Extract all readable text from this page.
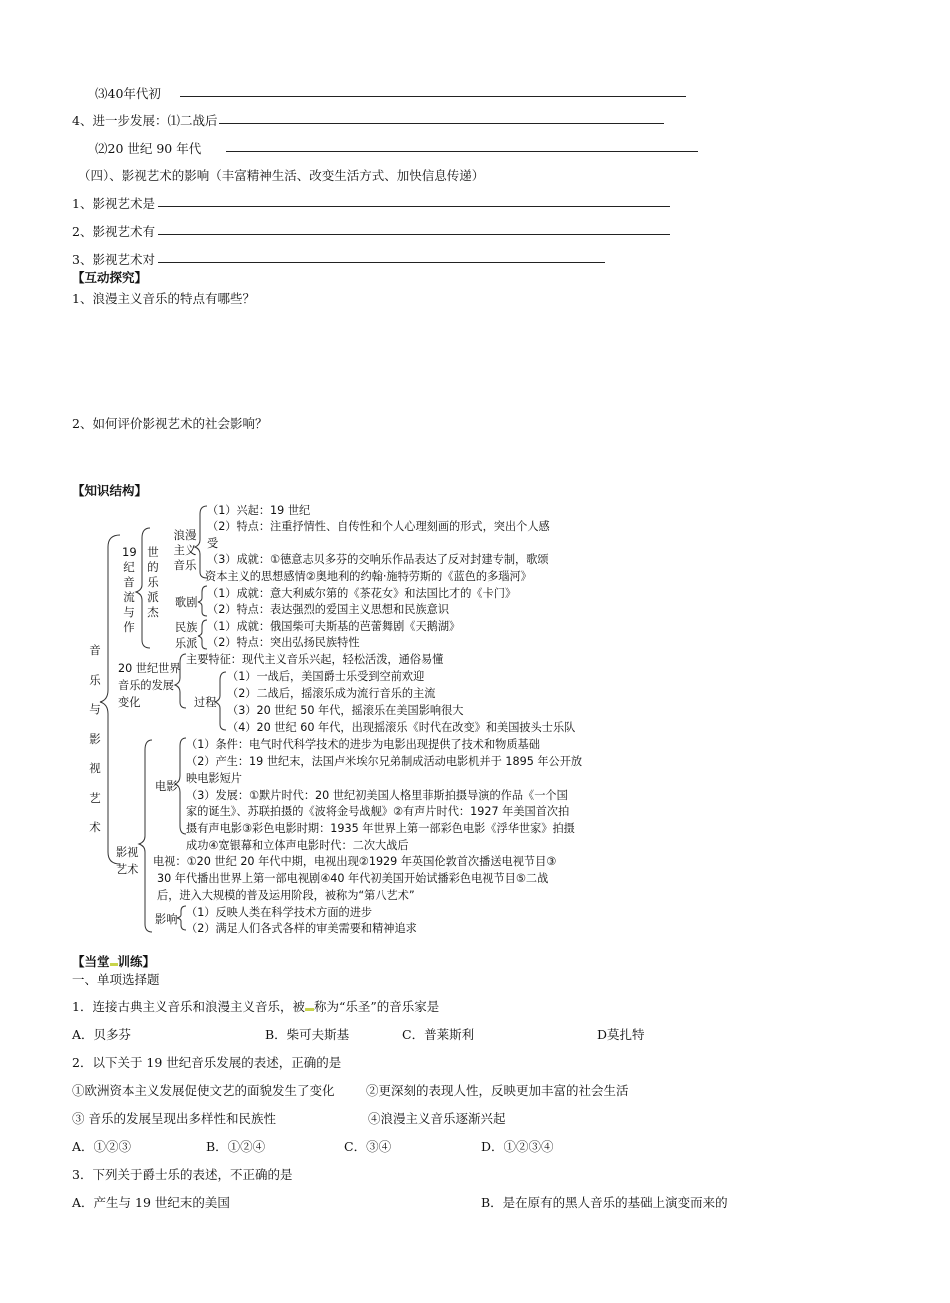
⑶40年代初
4、进一步发展：⑴二战后
⑵20 世纪 90 年代
（四）、影视艺术的影响（丰富精神生活、改变生活方式、加快信息传递）
1、影视艺术是
2、影视艺术有
3、影视艺术对
【互动探究】
1、浪漫主义音乐的特点有哪些？
2、如何评价影视艺术的社会影响？
【知识结构】
音乐与影视艺术
19纪音流与作
世的乐派杰
浪漫主义音乐
（1）兴起：19 世纪
（2）特点：注重抒情性、自传性和个人心理刻画的形式，突出个人感
受
（3）成就：①德意志贝多芬的交响乐作品表达了反对封建专制，歌颂
资本主义的思想感情②奥地利的约翰·施特劳斯的《蓝色的多瑙河》
歌剧
（1）成就：意大利威尔第的《茶花女》和法国比才的《卡门》
（2）特点：表达强烈的爱国主义思想和民族意识
民族
乐派
（1）成就：俄国柴可夫斯基的芭蕾舞剧《天鹅湖》
（2）特点：突出弘扬民族特性
20 世纪世界
音乐的发展
变化
主要特征：现代主义音乐兴起，轻松活泼，通俗易懂
过程
（1）一战后，美国爵士乐受到空前欢迎
（2）二战后，摇滚乐成为流行音乐的主流
（3）20 世纪 50 年代，摇滚乐在美国影响很大
（4）20 世纪 60 年代，出现摇滚乐《时代在改变》和美国披头士乐队
电影
（1）条件：电气时代科学技术的进步为电影出现提供了技术和物质基础
（2）产生：19 世纪末，法国卢米埃尔兄弟制成活动电影机并于 1895 年公开放
映电影短片
（3）发展：①默片时代：20 世纪初美国人格里菲斯拍摄导演的作品《一个国
家的诞生》、苏联拍摄的《波将金号战舰》②有声片时代：1927 年美国首次拍
摄有声电影③彩色电影时期：1935 年世界上第一部彩色电影《浮华世家》拍摄
成功④宽银幕和立体声电影时代：二次大战后
影视
艺术
电视：①20 世纪 20 年代中期，电视出现②1929 年英国伦敦首次播送电视节目③
30 年代播出世界上第一部电视剧④40 年代初美国开始试播彩色电视节目⑤二战
后，进入大规模的普及运用阶段，被称为“第八艺术”
影响
（1）反映人类在科学技术方面的进步
（2）满足人们各式各样的审美需要和精神追求
【当堂 训练】
一、单项选择题
1．连接古典主义音乐和浪漫主义音乐，被 称为“乐圣”的音乐家是
A．贝多芬	B．柴可夫斯基	C．普莱斯利	D莫扎特
2．以下关于 19 世纪音乐发展的表述，正确的是
①欧洲资本主义发展促使文艺的面貌发生了变化	②更深刻的表现人性，反映更加丰富的社会生活
③ 音乐的发展呈现出多样性和民族性	④浪漫主义音乐逐渐兴起
A．①②③	B．①②④	C．③④	D．①②③④
3．下列关于爵士乐的表述，不正确的是
A．产生与 19 世纪末的美国	B．是在原有的黑人音乐的基础上演变而来的
